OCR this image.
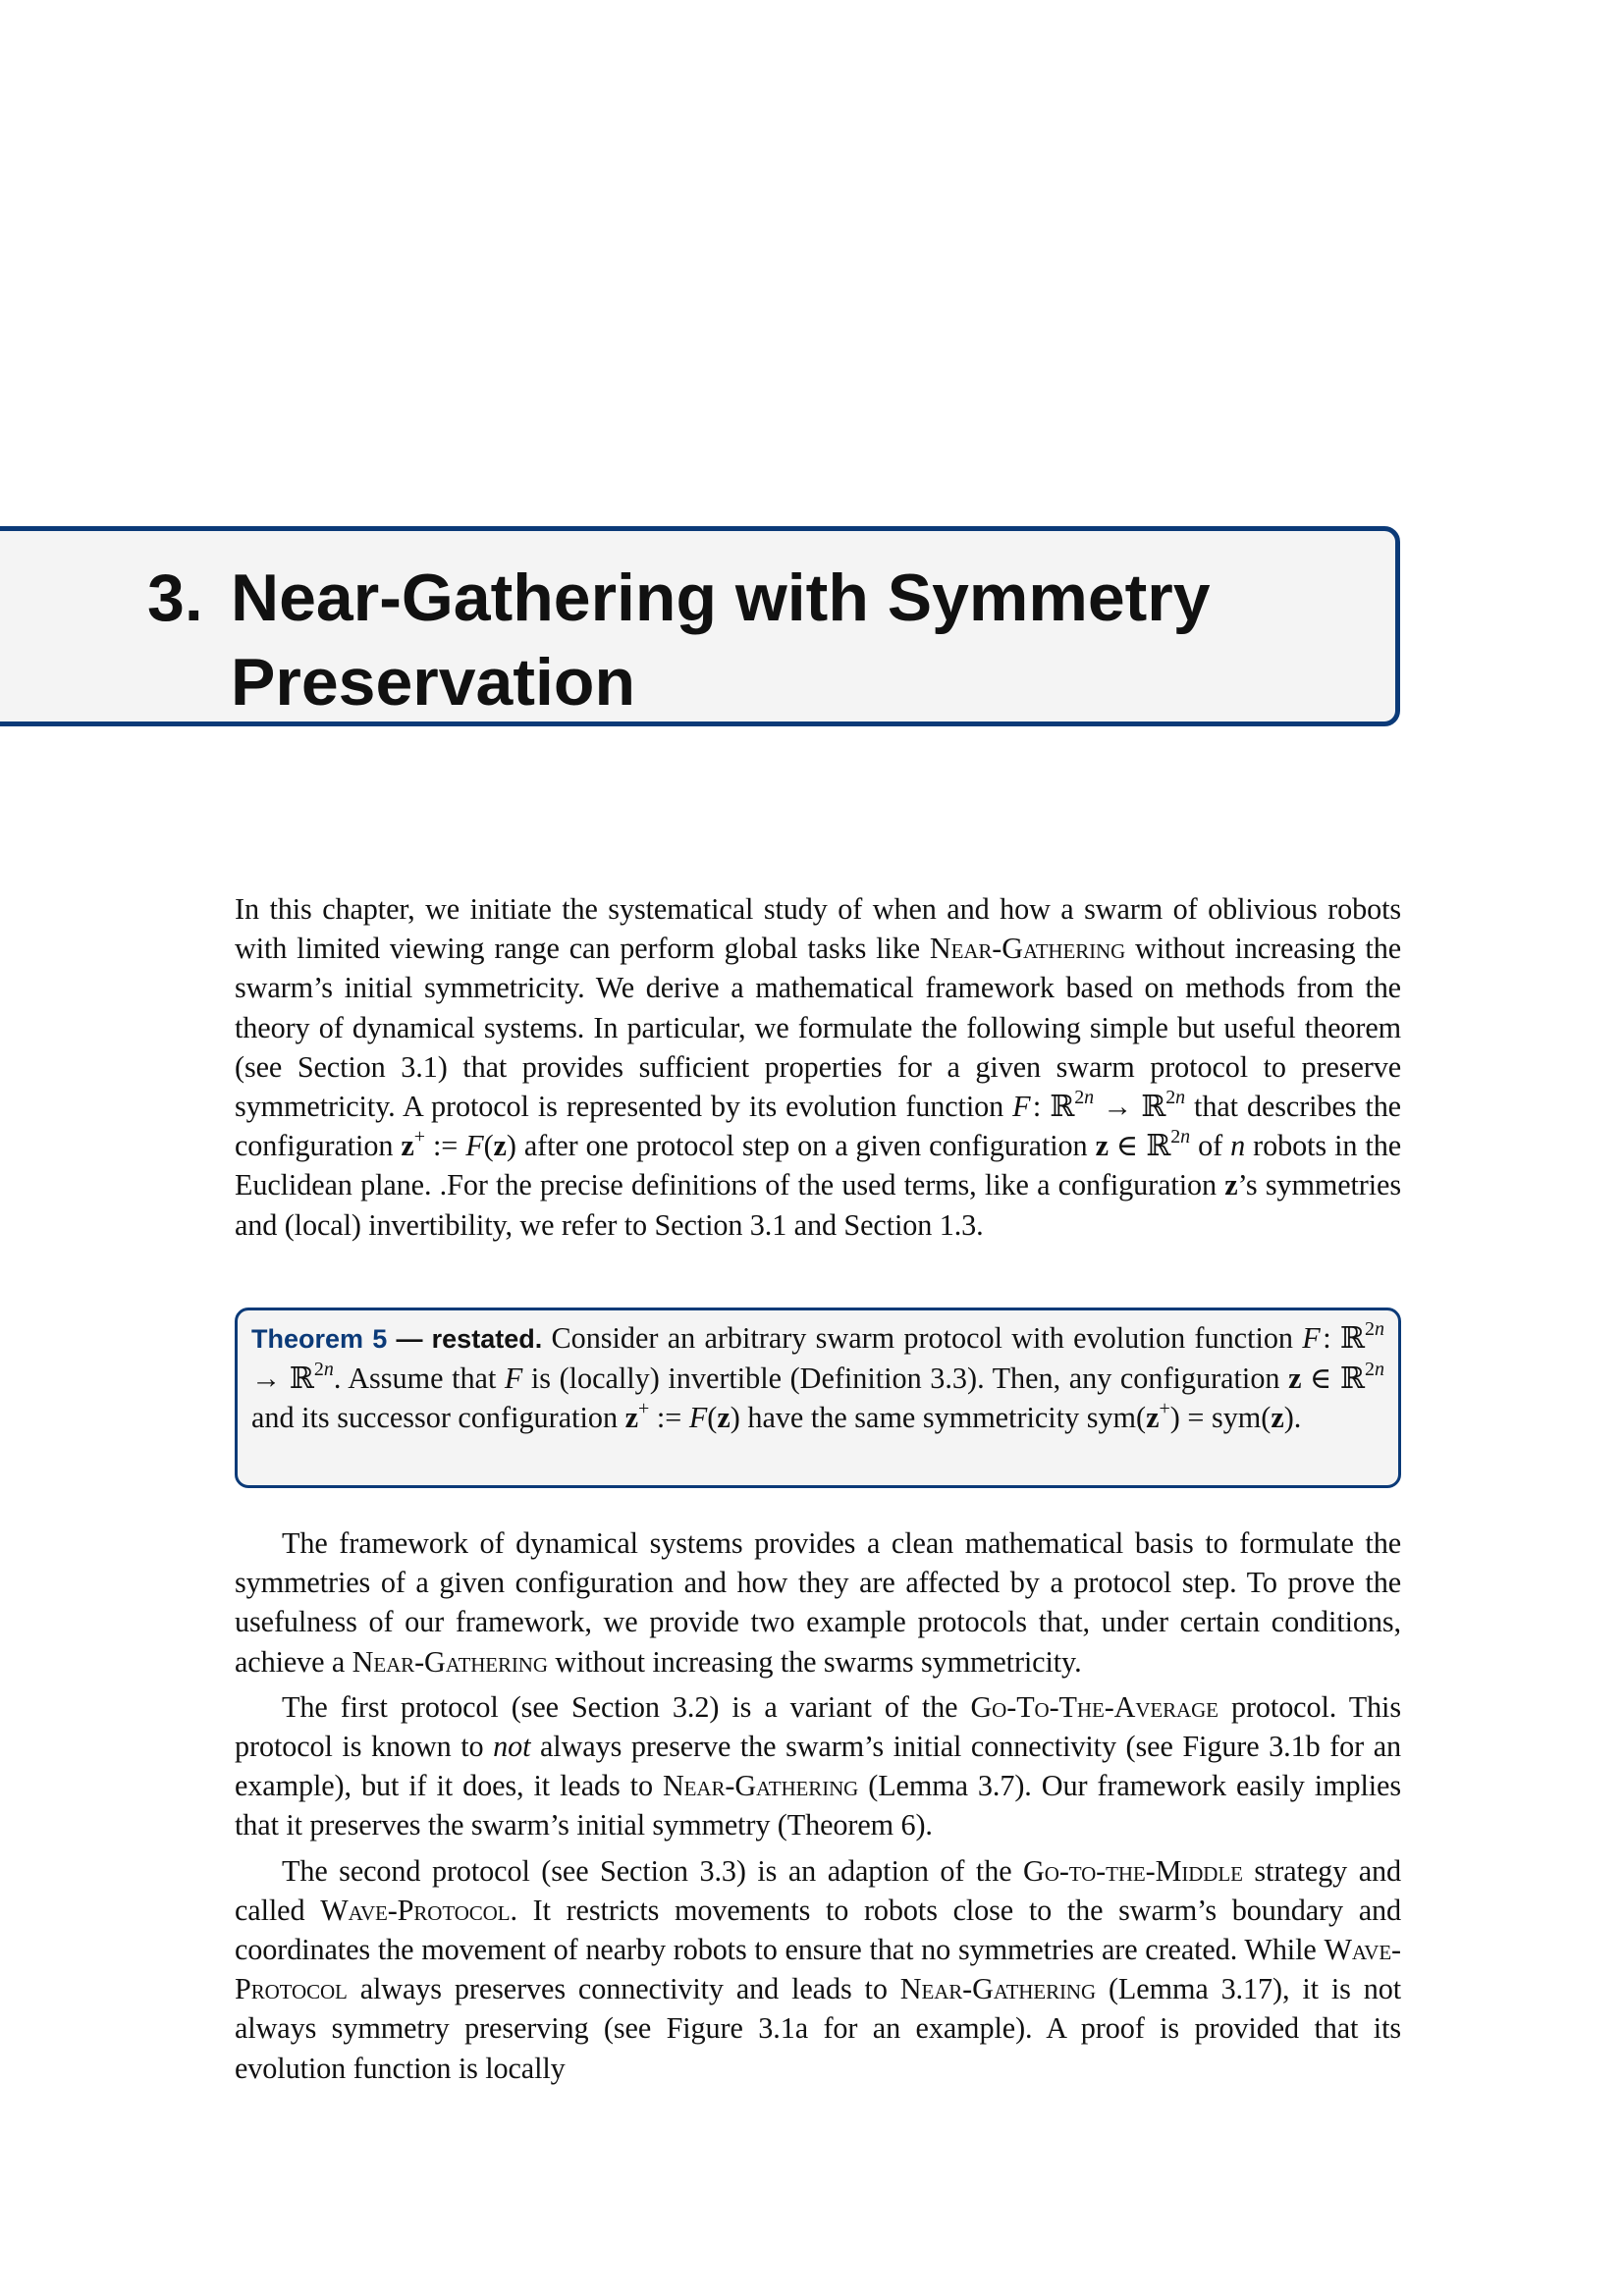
3. Near-Gathering with Symmetry Preservation

In this chapter, we initiate the systematical study of when and how a swarm of oblivious robots with limited viewing range can perform global tasks like Near-Gathering without increasing the swarm’s initial symmetricity. We derive a mathematical framework based on methods from the theory of dynamical systems. In particular, we formulate the following simple but useful theorem (see Section 3.1) that provides sufficient properties for a given swarm protocol to preserve symmetricity. A protocol is represented by its evolution function F : ℝ$^{2n}$ → ℝ$^{2n}$ that describes the configuration z+ := F(z) after one protocol step on a given configuration z ∈ ℝ$^{2n}$ of n robots in the Euclidean plane. .For the precise definitions of the used terms, like a configuration z’s symmetries and (local) invertibility, we refer to Section 3.1 and Section 1.3.

Theorem 5 — restated. Consider an arbitrary swarm protocol with evolution function F : ℝ$^{2n}$ → ℝ$^{2n}$. Assume that F is (locally) invertible (Definition 3.3). Then, any configuration z ∈ ℝ$^{2n}$ and its successor configuration z+ := F(z) have the same symmetricity sym(z+) = sym(z).

The framework of dynamical systems provides a clean mathematical basis to formulate the symmetries of a given configuration and how they are affected by a protocol step. To prove the usefulness of our framework, we provide two example protocols that, under certain conditions, achieve a Near-Gathering without increasing the swarms symmetricity.

The first protocol (see Section 3.2) is a variant of the Go-To-The-Average protocol. This protocol is known to not always preserve the swarm’s initial connectivity (see Figure 3.1b for an example), but if it does, it leads to Near-Gathering (Lemma 3.7). Our framework easily implies that it preserves the swarm’s initial symmetry (Theorem 6).

The second protocol (see Section 3.3) is an adaption of the Go-to-the-Middle strategy and called Wave-Protocol. It restricts movements to robots close to the swarm’s boundary and coordinates the movement of nearby robots to ensure that no symmetries are created. While Wave-Protocol always preserves connectivity and leads to Near-Gathering (Lemma 3.17), it is not always symmetry preserving (see Figure 3.1a for an example). A proof is provided that its evolution function is locally
